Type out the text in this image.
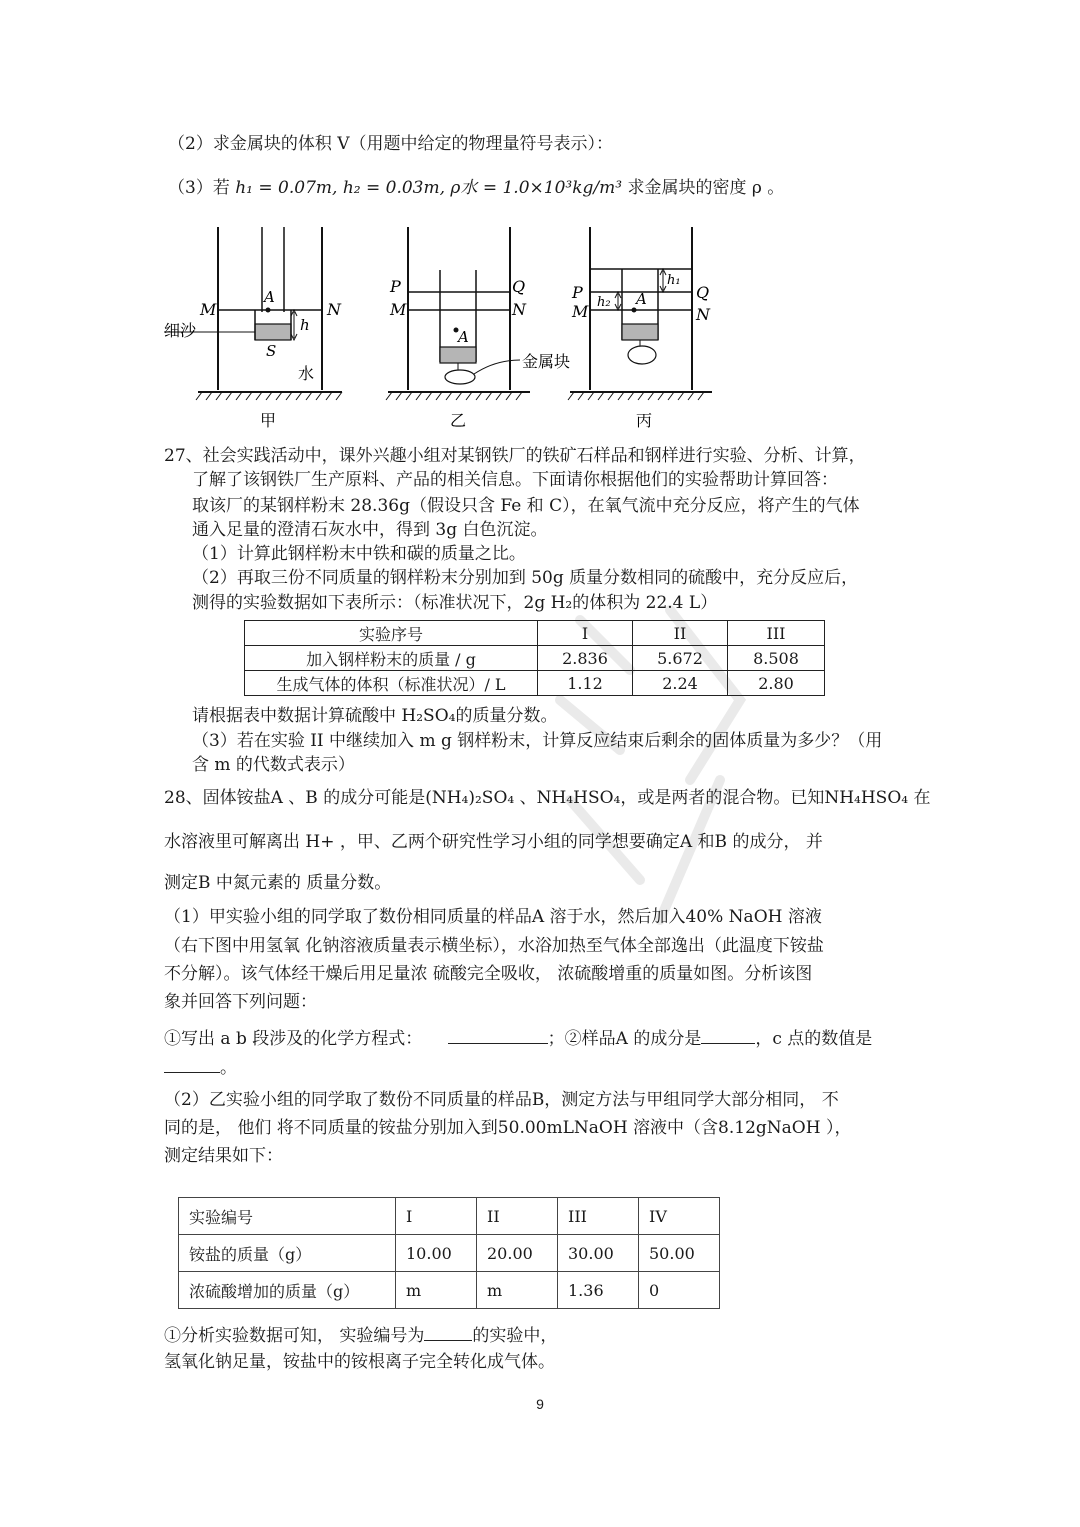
（2）求金属块的体积 V（用题中给定的物理量符号表示）：
（3）若 h₁ = 0.07m, h₂ = 0.03m, ρ水 = 1.0×10³kg/m³ 求金属块的密度 ρ 。
M	N
A
S
h
细沙
水
甲
P
M
Q
N
A
金属块
乙
P
M
Q
N
A
h₁
h₂
丙
27、社会实践活动中，课外兴趣小组对某钢铁厂的铁矿石样品和钢样进行实验、分析、计算，
了解了该钢铁厂生产原料、产品的相关信息。下面请你根据他们的实验帮助计算回答：
取该厂的某钢样粉末 28.36g（假设只含 Fe 和 C），在氧气流中充分反应，将产生的气体
通入足量的澄清石灰水中，得到 3g 白色沉淀。
（1）计算此钢样粉末中铁和碳的质量之比。
（2）再取三份不同质量的钢样粉末分别加到 50g 质量分数相同的硫酸中，充分反应后，
测得的实验数据如下表所示：（标准状况下，2g H₂的体积为 22.4 L）
实验序号	I	II	III
加入钢样粉末的质量 / g	2.836	5.672	8.508
生成气体的体积（标准状况）/ L	1.12	2.24	2.80
请根据表中数据计算硫酸中 H₂SO₄的质量分数。
（3）若在实验 II 中继续加入 m g 钢样粉末，计算反应结束后剩余的固体质量为多少？（用
含 m 的代数式表示）
28、固体铵盐A 、B 的成分可能是(NH₄)₂SO₄ 、NH₄HSO₄，或是两者的混合物。已知NH₄HSO₄ 在
水溶液里可解离出 H+ ，甲、乙两个研究性学习小组的同学想要确定A 和B 的成分， 并
测定B 中氮元素的 质量分数。
（1）甲实验小组的同学取了数份相同质量的样品A 溶于水，然后加入40% NaOH 溶液
（右下图中用氢氧 化钠溶液质量表示横坐标），水浴加热至气体全部逸出（此温度下铵盐
不分解）。该气体经干燥后用足量浓 硫酸完全吸收， 浓硫酸增重的质量如图。分析该图
象并回答下列问题：
①写出 a b 段涉及的化学方程式：	；②样品A 的成分是	，c 点的数值是
。
（2）乙实验小组的同学取了数份不同质量的样品B，测定方法与甲组同学大部分相同， 不
同的是， 他们 将不同质量的铵盐分别加入到50.00mLNaOH 溶液中（含8.12gNaOH ），
测定结果如下：
实验编号	I	II	III	IV
铵盐的质量（g）	10.00	20.00	30.00	50.00
浓硫酸增加的质量（g）	m	m	1.36	0
①分析实验数据可知， 实验编号为	的实验中，
氢氧化钠足量，铵盐中的铵根离子完全转化成气体。
9
